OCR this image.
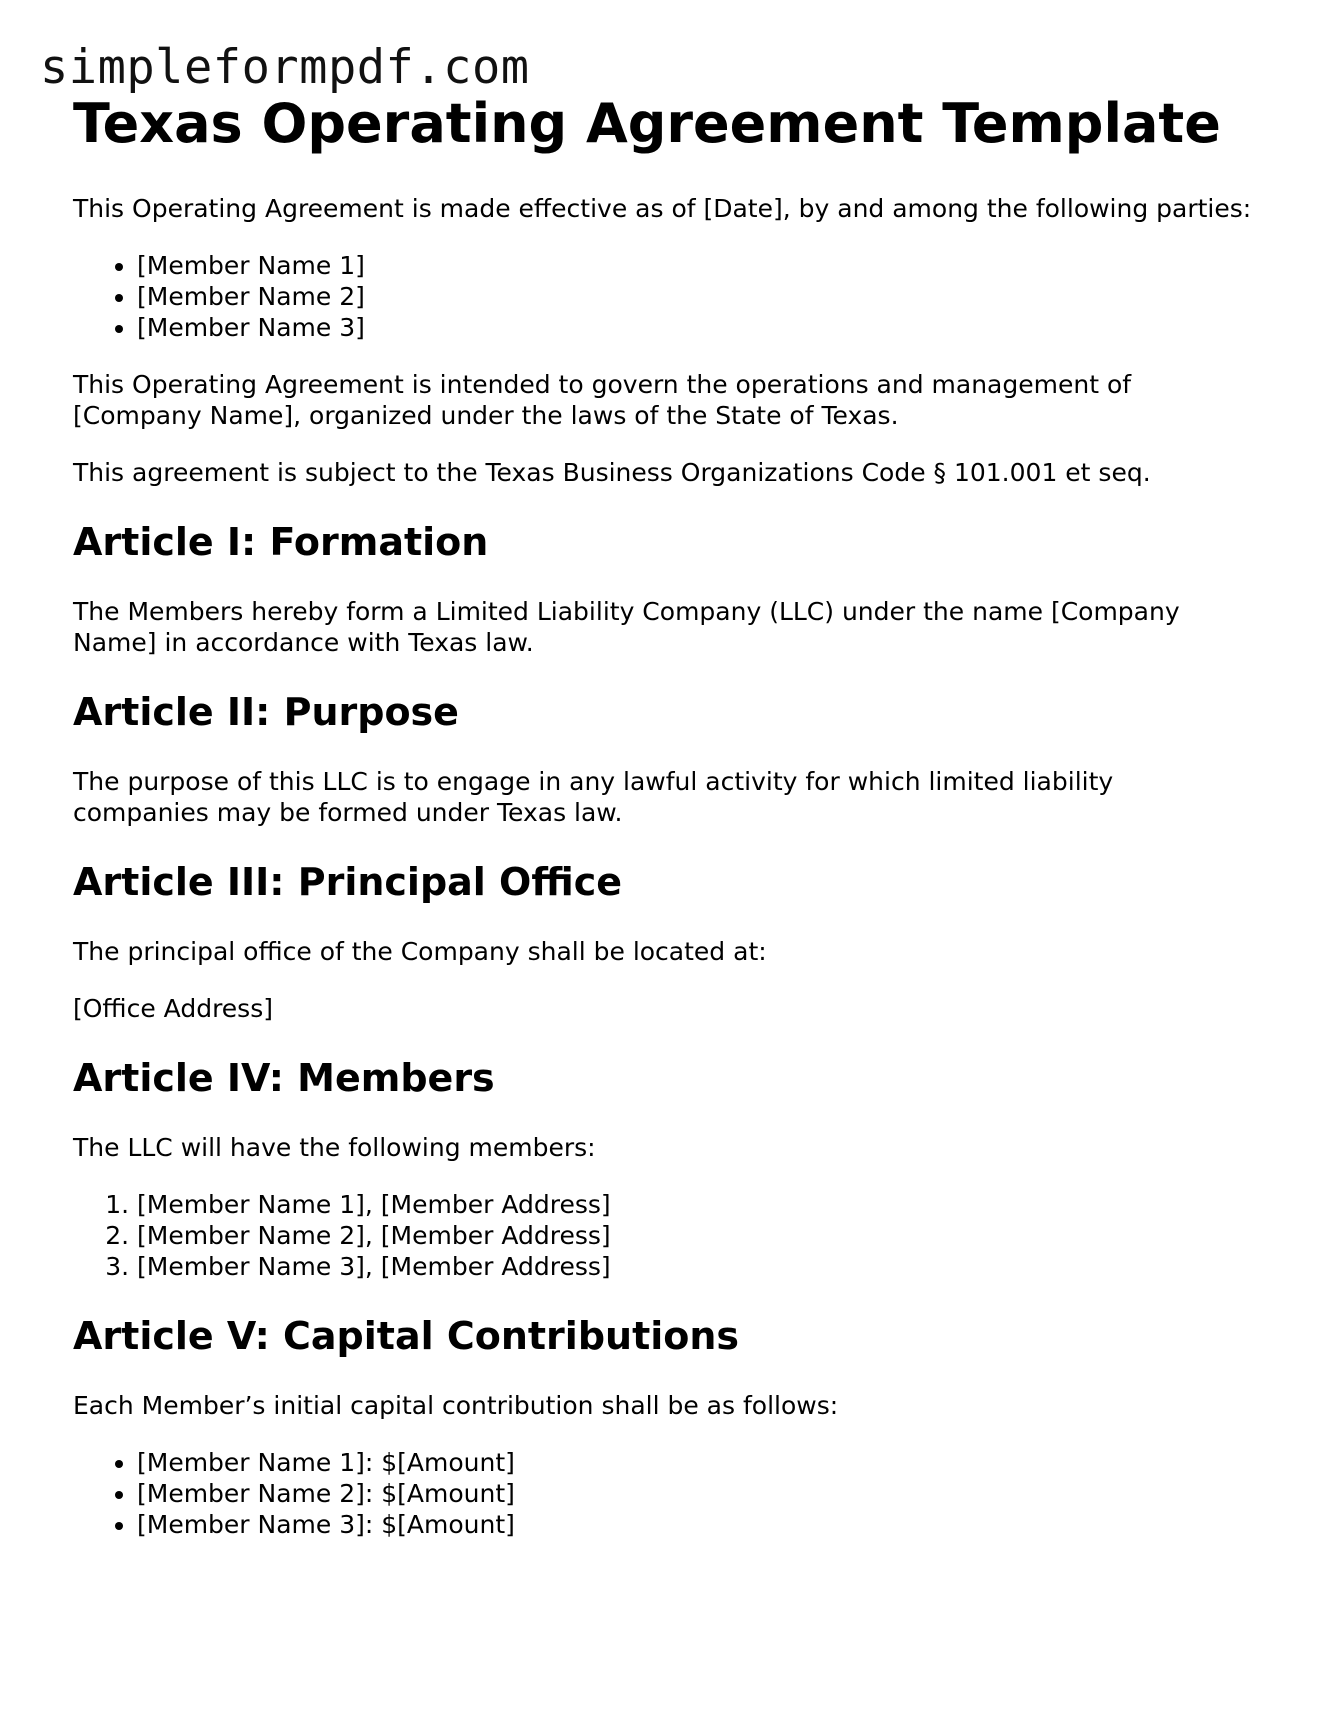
simpleformpdf.com
Texas Operating Agreement Template

This Operating Agreement is made effective as of [Date], by and among the following parties:

• [Member Name 1]
• [Member Name 2]
• [Member Name 3]

This Operating Agreement is intended to govern the operations and management of [Company Name], organized under the laws of the State of Texas.

This agreement is subject to the Texas Business Organizations Code § 101.001 et seq.

Article I: Formation

The Members hereby form a Limited Liability Company (LLC) under the name [Company Name] in accordance with Texas law.

Article II: Purpose

The purpose of this LLC is to engage in any lawful activity for which limited liability companies may be formed under Texas law.

Article III: Principal Office

The principal office of the Company shall be located at:

[Office Address]

Article IV: Members

The LLC will have the following members:

1. [Member Name 1], [Member Address]
2. [Member Name 2], [Member Address]
3. [Member Name 3], [Member Address]
Article V: Capital Contributions

Each Member’s initial capital contribution shall be as follows:

• [Member Name 1]: $[Amount]
• [Member Name 2]: $[Amount]
• [Member Name 3]: $[Amount]
